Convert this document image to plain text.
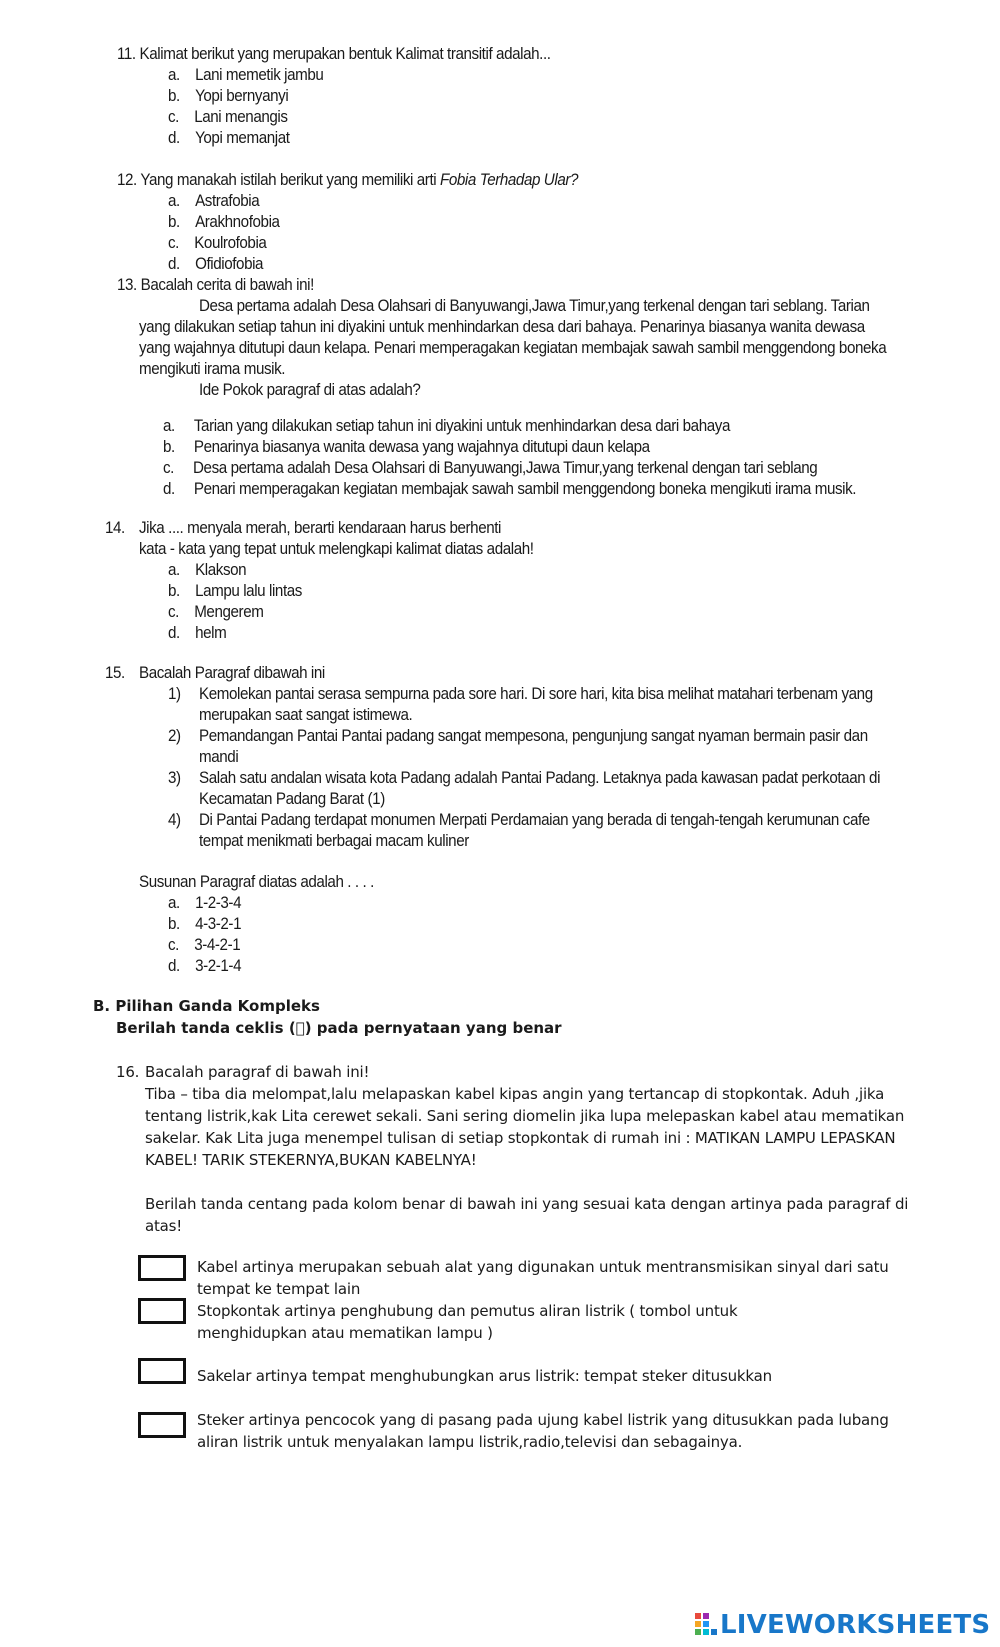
11. Kalimat berikut yang merupakan bentuk Kalimat transitif adalah...
a. Lani memetik jambu
b. Yopi bernyanyi
c. Lani menangis
d. Yopi memanjat
12. Yang manakah istilah berikut yang memiliki arti Fobia Terhadap Ular?
a. Astrafobia
b. Arakhnofobia
c. Koulrofobia
d. Ofidiofobia
13. Bacalah cerita di bawah ini!
Desa pertama adalah Desa Olahsari di Banyuwangi,Jawa Timur,yang terkenal dengan tari seblang. Tarian
yang dilakukan setiap tahun ini diyakini untuk menhindarkan desa dari bahaya. Penarinya biasanya wanita dewasa
yang wajahnya ditutupi daun kelapa. Penari memperagakan kegiatan membajak sawah sambil menggendong boneka
mengikuti irama musik.
Ide Pokok paragraf di atas adalah?
a. Tarian yang dilakukan setiap tahun ini diyakini untuk menhindarkan desa dari bahaya
b. Penarinya biasanya wanita dewasa yang wajahnya ditutupi daun kelapa
c. Desa pertama adalah Desa Olahsari di Banyuwangi,Jawa Timur,yang terkenal dengan tari seblang
d. Penari memperagakan kegiatan membajak sawah sambil menggendong boneka mengikuti irama musik.
14. Jika .... menyala merah, berarti kendaraan harus berhenti
kata - kata yang tepat untuk melengkapi kalimat diatas adalah!
a. Klakson
b. Lampu lalu lintas
c. Mengerem
d. helm
15. Bacalah Paragraf dibawah ini
1) Kemolekan pantai serasa sempurna pada sore hari. Di sore hari, kita bisa melihat matahari terbenam yang
merupakan saat sangat istimewa.
2) Pemandangan Pantai Pantai padang sangat mempesona, pengunjung sangat nyaman bermain pasir dan
mandi
3) Salah satu andalan wisata kota Padang adalah Pantai Padang. Letaknya pada kawasan padat perkotaan di
Kecamatan Padang Barat (1)
4) Di Pantai Padang terdapat monumen Merpati Perdamaian yang berada di tengah-tengah kerumunan cafe
tempat menikmati berbagai macam kuliner
Susunan Paragraf diatas adalah . . . .
a. 1-2-3-4
b. 4-3-2-1
c. 3-4-2-1
d. 3-2-1-4
B. Pilihan Ganda Kompleks
Berilah tanda ceklis ( ) pada pernyataan yang benar
16. Bacalah paragraf di bawah ini!
Tiba – tiba dia melompat,lalu melapaskan kabel kipas angin yang tertancap di stopkontak. Aduh ,jika
tentang listrik,kak Lita cerewet sekali. Sani sering diomelin jika lupa melepaskan kabel atau mematikan
sakelar. Kak Lita juga menempel tulisan di setiap stopkontak di rumah ini : MATIKAN LAMPU LEPASKAN
KABEL! TARIK STEKERNYA,BUKAN KABELNYA!
Berilah tanda centang pada kolom benar di bawah ini yang sesuai kata dengan artinya pada paragraf di
atas!
Kabel artinya merupakan sebuah alat yang digunakan untuk mentransmisikan sinyal dari satu
tempat ke tempat lain
Stopkontak artinya penghubung dan pemutus aliran listrik ( tombol untuk
menghidupkan atau mematikan lampu )
Sakelar artinya tempat menghubungkan arus listrik: tempat steker ditusukkan
Steker artinya pencocok yang di pasang pada ujung kabel listrik yang ditusukkan pada lubang
aliran listrik untuk menyalakan lampu listrik,radio,televisi dan sebagainya.
LIVEWORKSHEETS
